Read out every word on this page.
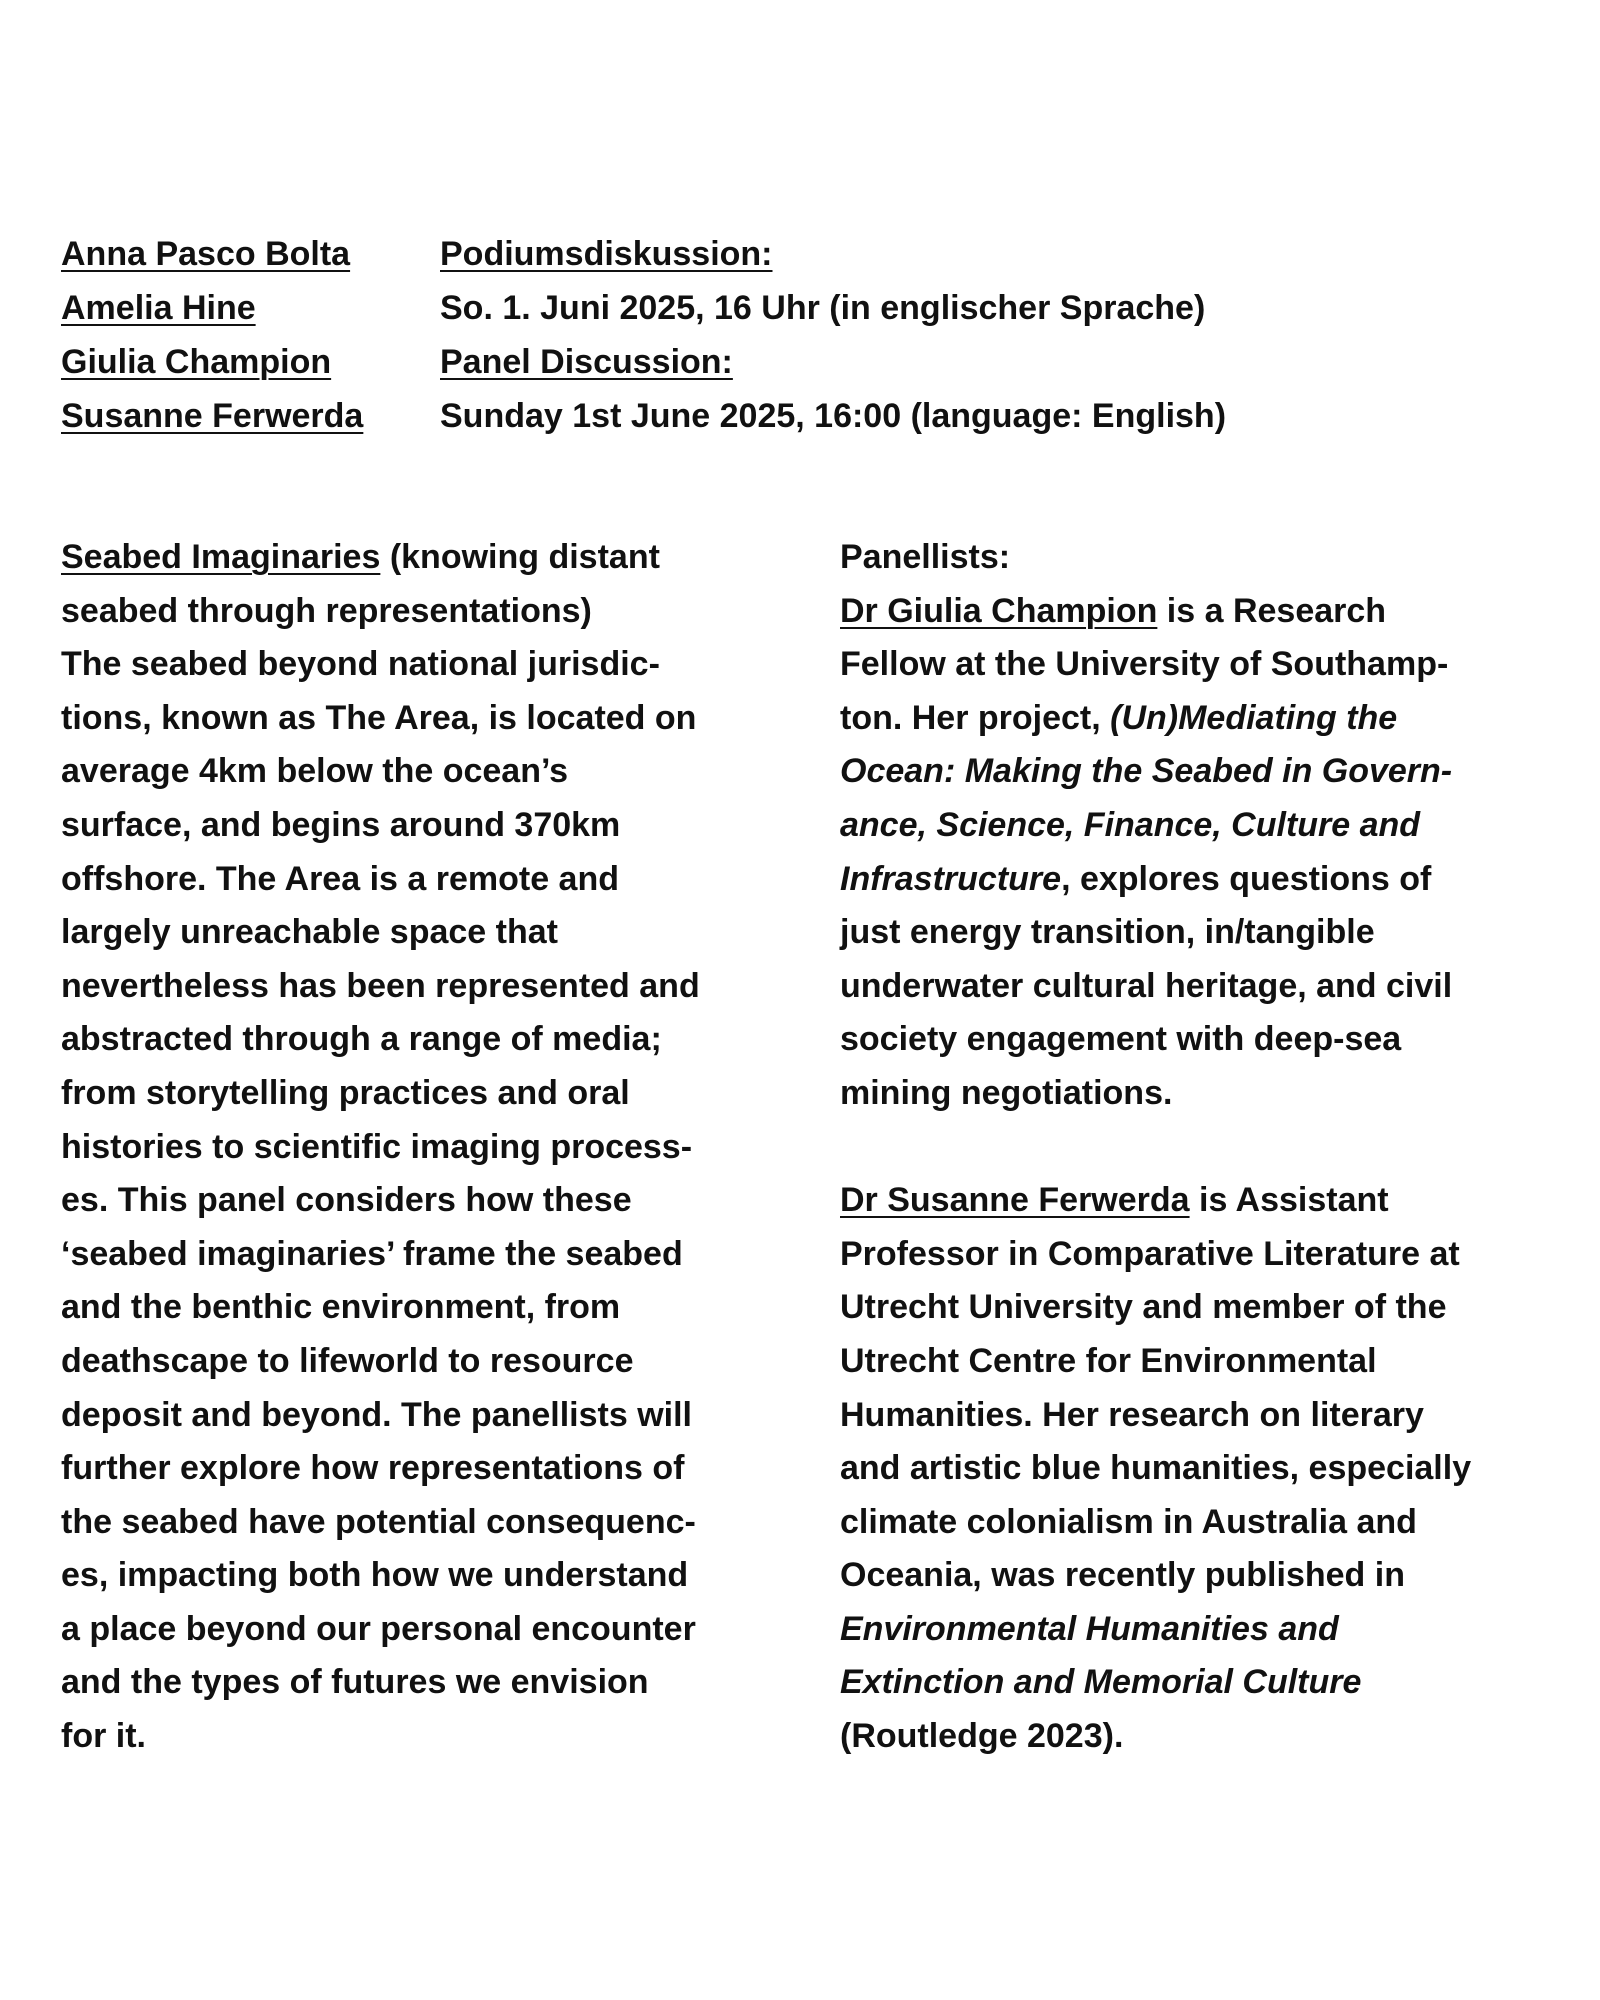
Anna Pasco Bolta
Amelia Hine
Giulia Champion
Susanne Ferwerda
Podiumsdiskussion:
So. 1. Juni 2025, 16 Uhr (in englischer Sprache)
Panel Discussion:
Sunday 1st June 2025, 16:00 (language: English)
Seabed Imaginaries (knowing distant
seabed through representations)
The seabed beyond national jurisdic-
tions, known as The Area, is located on
average 4km below the ocean’s
surface, and begins around 370km
offshore. The Area is a remote and
largely unreachable space that
nevertheless has been represented and
abstracted through a range of media;
from storytelling practices and oral
histories to scientific imaging process-
es. This panel considers how these
‘seabed imaginaries’ frame the seabed
and the benthic environment, from
deathscape to lifeworld to resource
deposit and beyond. The panellists will
further explore how representations of
the seabed have potential consequenc-
es, impacting both how we understand
a place beyond our personal encounter
and the types of futures we envision
for it.
Panellists:
Dr Giulia Champion is a Research
Fellow at the University of Southamp-
ton. Her project, (Un)Mediating the
Ocean: Making the Seabed in Govern-
ance, Science, Finance, Culture and
Infrastructure, explores questions of
just energy transition, in/tangible
underwater cultural heritage, and civil
society engagement with deep-sea
mining negotiations.
Dr Susanne Ferwerda is Assistant
Professor in Comparative Literature at
Utrecht University and member of the
Utrecht Centre for Environmental
Humanities. Her research on literary
and artistic blue humanities, especially
climate colonialism in Australia and
Oceania, was recently published in
Environmental Humanities and
Extinction and Memorial Culture
(Routledge 2023).
